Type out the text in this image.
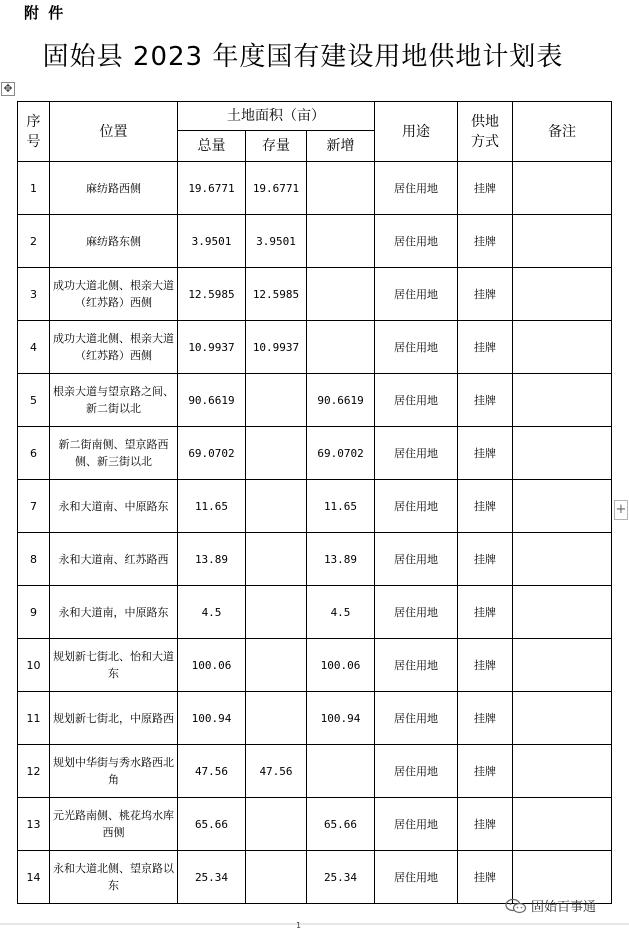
附 件
固始县 2023 年度国有建设用地供地计划表
✥
+
序号	位置	土地面积（亩）			用途	供地方式	备注
		总量	存量	新增			
1	麻纺路西侧	19.6771	19.6771		居住用地	挂牌	
2	麻纺路东侧	3.9501	3.9501		居住用地	挂牌	
3	成功大道北侧、根亲大道（红苏路）西侧	12.5985	12.5985		居住用地	挂牌	
4	成功大道北侧、根亲大道（红苏路）西侧	10.9937	10.9937		居住用地	挂牌	
5	根亲大道与望京路之间、新二街以北	90.6619		90.6619	居住用地	挂牌	
6	新二街南侧、望京路西侧、新三街以北	69.0702		69.0702	居住用地	挂牌	
7	永和大道南、中原路东	11.65		11.65	居住用地	挂牌	
8	永和大道南、红苏路西	13.89		13.89	居住用地	挂牌	
9	永和大道南，中原路东	4.5		4.5	居住用地	挂牌	
10	规划新七街北、怡和大道东	100.06		100.06	居住用地	挂牌	
11	规划新七街北，中原路西	100.94		100.94	居住用地	挂牌	
12	规划中华街与秀水路西北角	47.56	47.56		居住用地	挂牌	
13	元光路南侧、桃花坞水库西侧	65.66		65.66	居住用地	挂牌	
14	永和大道北侧、望京路以东	25.34		25.34	居住用地	挂牌	
固始百事通
1
